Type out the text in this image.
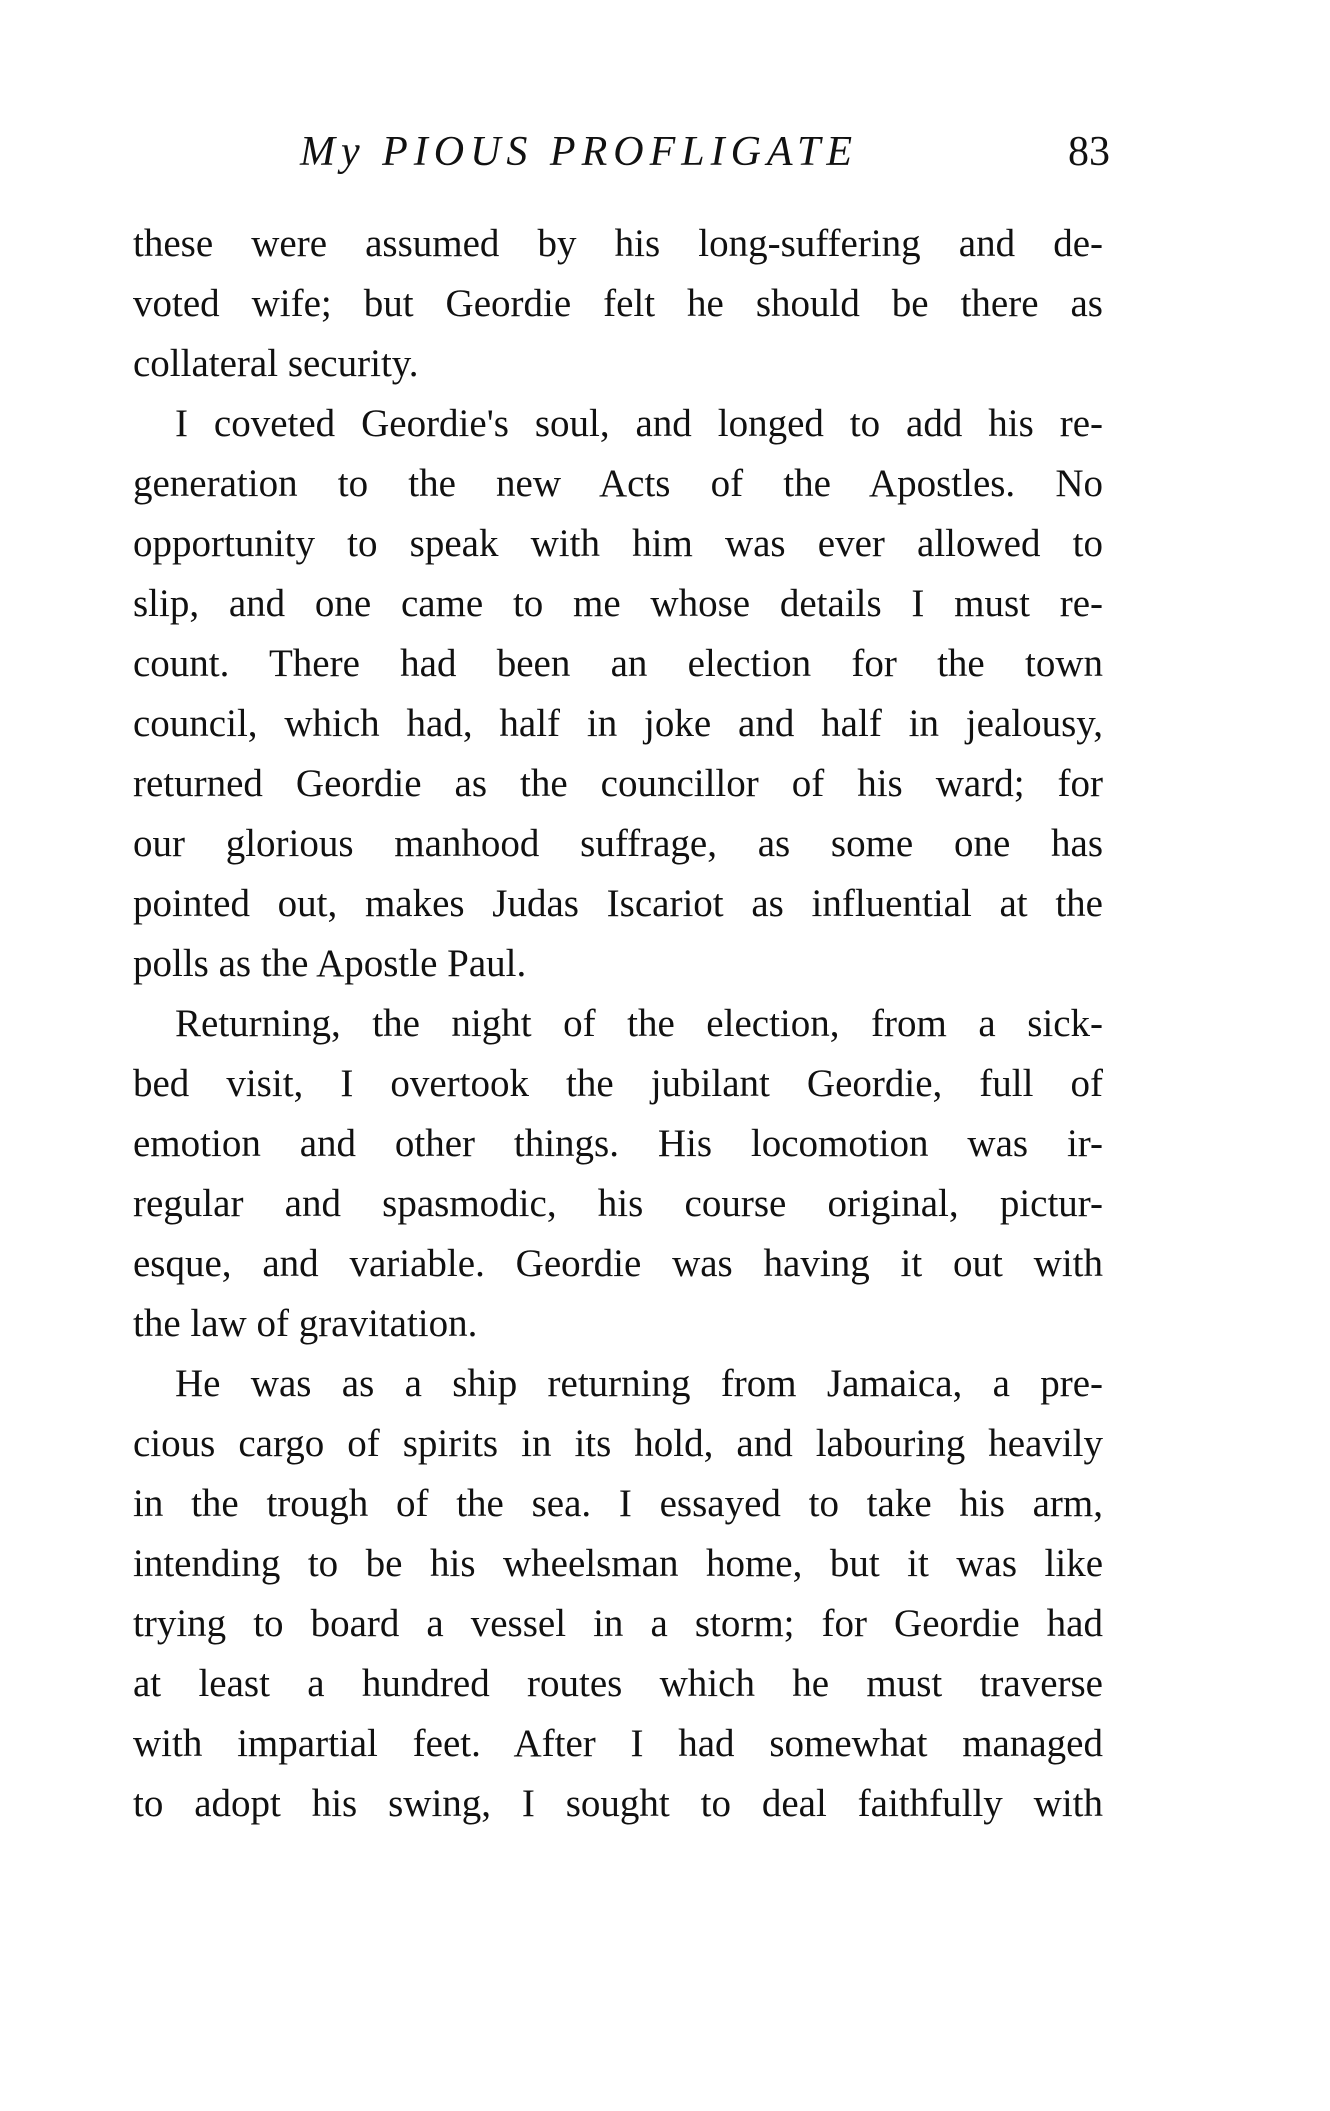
My PIOUS PROFLIGATE	83
these were assumed by his long-suffering and de-
voted wife; but Geordie felt he should be there as
collateral security.
I coveted Geordie's soul, and longed to add his re-
generation to the new Acts of the Apostles. No
opportunity to speak with him was ever allowed to
slip, and one came to me whose details I must re-
count. There had been an election for the town
council, which had, half in joke and half in jealousy,
returned Geordie as the councillor of his ward; for
our glorious manhood suffrage, as some one has
pointed out, makes Judas Iscariot as influential at the
polls as the Apostle Paul.
Returning, the night of the election, from a sick-
bed visit, I overtook the jubilant Geordie, full of
emotion and other things. His locomotion was ir-
regular and spasmodic, his course original, pictur-
esque, and variable. Geordie was having it out with
the law of gravitation.
He was as a ship returning from Jamaica, a pre-
cious cargo of spirits in its hold, and labouring heavily
in the trough of the sea. I essayed to take his arm,
intending to be his wheelsman home, but it was like
trying to board a vessel in a storm; for Geordie had
at least a hundred routes which he must traverse
with impartial feet. After I had somewhat managed
to adopt his swing, I sought to deal faithfully with
